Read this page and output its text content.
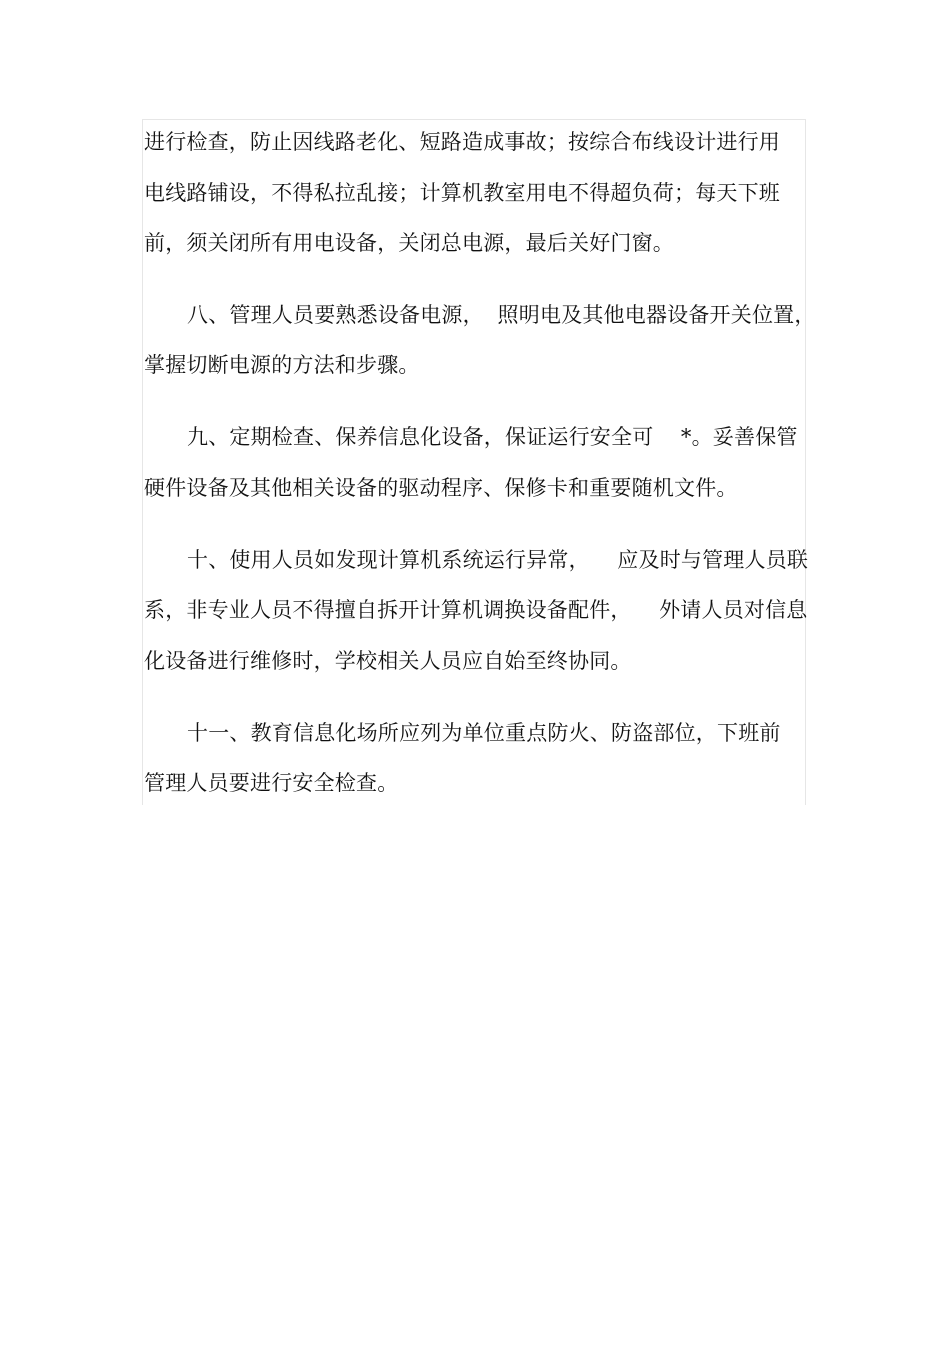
进行检查，防止因线路老化、短路造成事故；按综合布线设计进行用
电线路铺设，不得私拉乱接；计算机教室用电不得超负荷；每天下班
前，须关闭所有用电设备，关闭总电源，最后关好门窗。
八、管理人员要熟悉设备电源，  照明电及其他电器设备开关位置，
掌握切断电源的方法和步骤。
九、定期检查、保养信息化设备，保证运行安全可    *。妥善保管
硬件设备及其他相关设备的驱动程序、保修卡和重要随机文件。
十、使用人员如发现计算机系统运行异常，    应及时与管理人员联
系，非专业人员不得擅自拆开计算机调换设备配件，    外请人员对信息
化设备进行维修时，学校相关人员应自始至终协同。
十一、教育信息化场所应列为单位重点防火、防盗部位，下班前
管理人员要进行安全检查。
